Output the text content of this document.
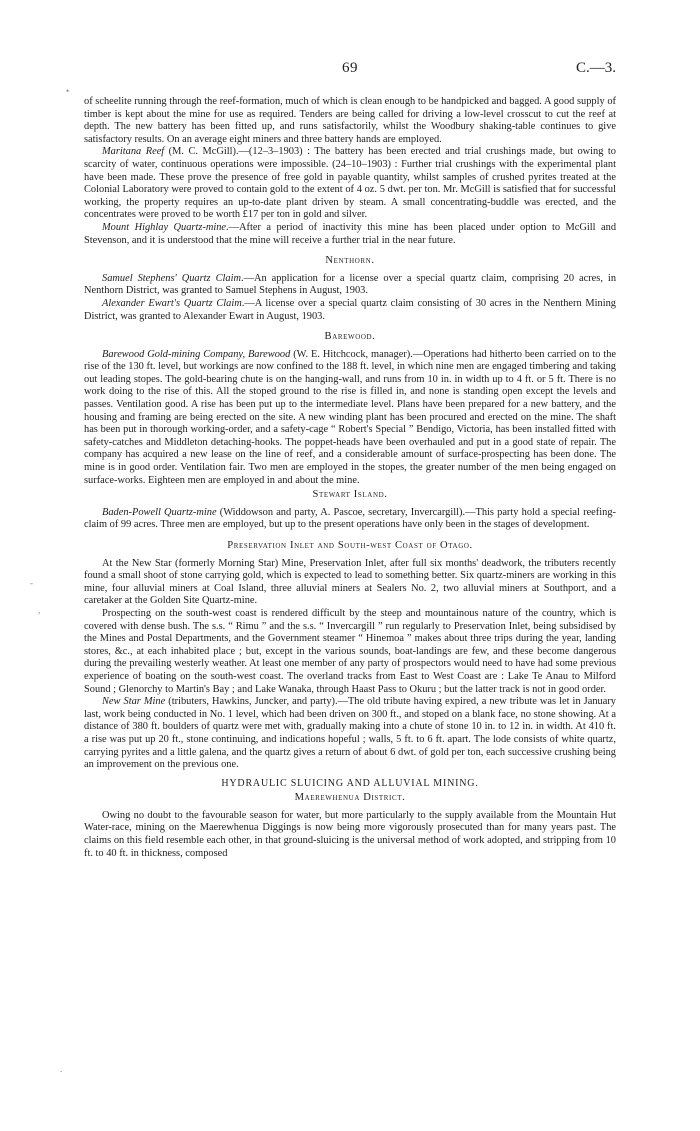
69	C.—3.
•

of scheelite running through the reef-formation, much of which is clean enough to be handpicked and bagged. A good supply of timber is kept about the mine for use as required. Tenders are being called for driving a low-level crosscut to cut the reef at depth. The new battery has been fitted up, and runs satisfactorily, whilst the Woodbury shaking-table continues to give satisfactory results. On an average eight miners and three battery hands are employed.

Maritana Reef (M. C. McGill).—(12–3–1903) : The battery has been erected and trial crushings made, but owing to scarcity of water, continuous operations were impossible. (24–10–1903) : Further trial crushings with the experimental plant have been made. These prove the presence of free gold in payable quantity, whilst samples of crushed pyrites treated at the Colonial Laboratory were proved to contain gold to the extent of 4 oz. 5 dwt. per ton. Mr. McGill is satisfied that for successful working, the property requires an up-to-date plant driven by steam. A small concentrating-buddle was erected, and the concentrates were proved to be worth £17 per ton in gold and silver.

Mount Highlay Quartz-mine.—After a period of inactivity this mine has been placed under option to McGill and Stevenson, and it is understood that the mine will receive a further trial in the near future.

Nenthorn.

Samuel Stephens' Quartz Claim.—An application for a license over a special quartz claim, comprising 20 acres, in Nenthorn District, was granted to Samuel Stephens in August, 1903.

Alexander Ewart's Quartz Claim.—A license over a special quartz claim consisting of 30 acres in the Nenthern Mining District, was granted to Alexander Ewart in August, 1903.

Barewood.

Barewood Gold-mining Company, Barewood (W. E. Hitchcock, manager).—Operations had hitherto been carried on to the rise of the 130 ft. level, but workings are now confined to the 188 ft. level, in which nine men are engaged timbering and taking out leading stopes. The gold-bearing chute is on the hanging-wall, and runs from 10 in. in width up to 4 ft. or 5 ft. There is no work doing to the rise of this. All the stoped ground to the rise is filled in, and none is standing open except the levels and passes. Ventilation good. A rise has been put up to the intermediate level. Plans have been prepared for a new battery, and the housing and framing are being erected on the site. A new winding plant has been procured and erected on the mine. The shaft has been put in thorough working-order, and a safety-cage “ Robert's Special ” Bendigo, Victoria, has been installed fitted with safety-catches and Middleton detaching-hooks. The poppet-heads have been overhauled and put in a good state of repair. The company has acquired a new lease on the line of reef, and a considerable amount of surface-prospecting has been done. The mine is in good order. Ventilation fair. Two men are employed in the stopes, the greater number of the men being engaged on surface-works. Eighteen men are employed in and about the mine.

Stewart Island.

Baden-Powell Quartz-mine (Widdowson and party, A. Pascoe, secretary, Invercargill).—This party hold a special reefing-claim of 99 acres. Three men are employed, but up to the present operations have only been in the stages of development.

Preservation Inlet and South-west Coast of Otago.

At the New Star (formerly Morning Star) Mine, Preservation Inlet, after full six months' deadwork, the tributers recently found a small shoot of stone carrying gold, which is expected to lead to something better. Six quartz-miners are working in this mine, four alluvial miners at Coal Island, three alluvial miners at Sealers No. 2, two alluvial miners at Southport, and a caretaker at the Golden Site Quartz-mine.

Prospecting on the south-west coast is rendered difficult by the steep and mountainous nature of the country, which is covered with dense bush. The s.s. “ Rimu ” and the s.s. “ Invercargill ” run regularly to Preservation Inlet, being subsidised by the Mines and Postal Departments, and the Government steamer “ Hinemoa ” makes about three trips during the year, landing stores, &c., at each inhabited place ; but, except in the various sounds, boat-landings are few, and these become dangerous during the prevailing westerly weather. At least one member of any party of prospectors would need to have had some previous experience of boating on the south-west coast. The overland tracks from East to West Coast are : Lake Te Anau to Milford Sound ; Glenorchy to Martin's Bay ; and Lake Wanaka, through Haast Pass to Okuru ; but the latter track is not in good order.

New Star Mine (tributers, Hawkins, Juncker, and party).—The old tribute having expired, a new tribute was let in January last, work being conducted in No. 1 level, which had been driven on 300 ft., and stoped on a blank face, no stone showing. At a distance of 380 ft. boulders of quartz were met with, gradually making into a chute of stone 10 in. to 12 in. in width. At 410 ft. a rise was put up 20 ft., stone continuing, and indications hopeful ; walls, 5 ft. to 6 ft. apart. The lode consists of white quartz, carrying pyrites and a little galena, and the quartz gives a return of about 6 dwt. of gold per ton, each successive crushing being an improvement on the previous one.

HYDRAULIC SLUICING AND ALLUVIAL MINING.
Maerewhenua District.

Owing no doubt to the favourable season for water, but more particularly to the supply available from the Mountain Hut Water-race, mining on the Maerewhenua Diggings is now being more vigorously prosecuted than for many years past. The claims on this field resemble each other, in that ground-sluicing is the universal method of work adopted, and stripping from 10 ft. to 40 ft. in thickness, composed

-
,
.
